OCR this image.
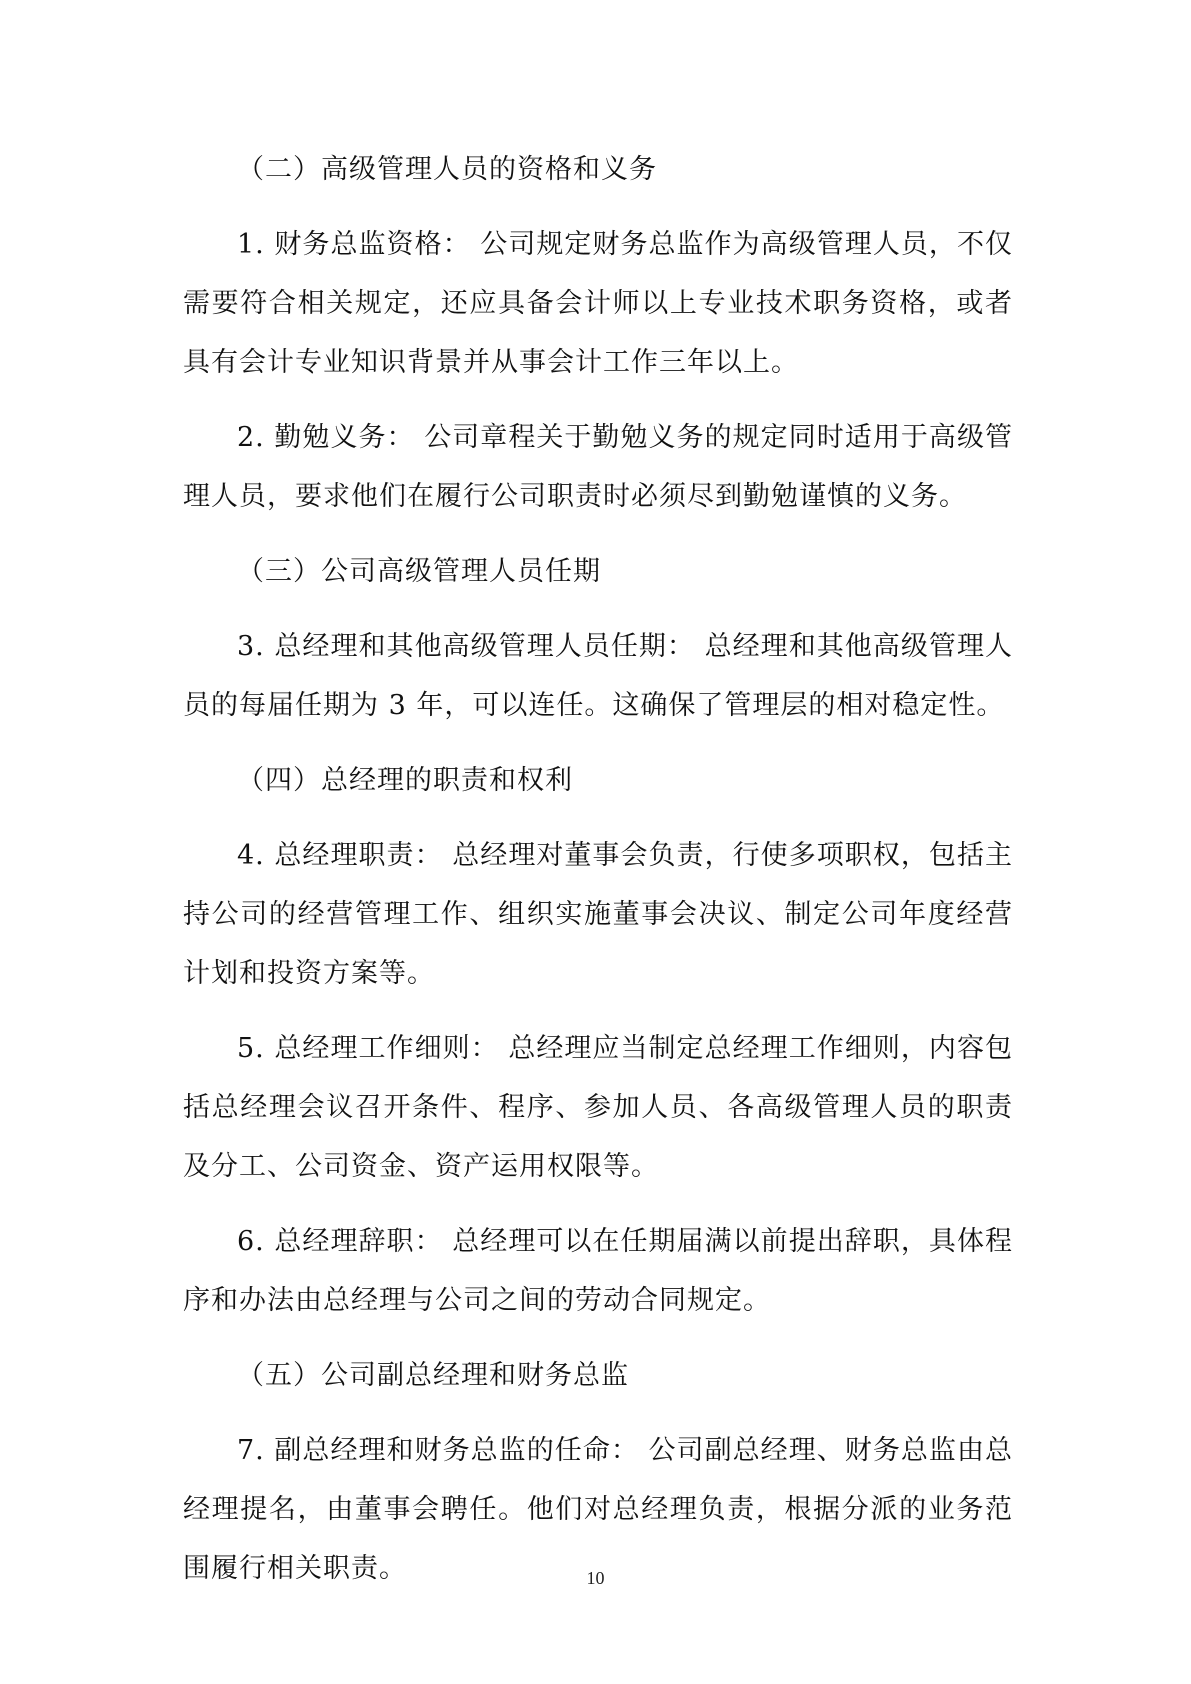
（二）高级管理人员的资格和义务

1. 财务总监资格： 公司规定财务总监作为高级管理人员，不仅需要符合相关规定，还应具备会计师以上专业技术职务资格，或者具有会计专业知识背景并从事会计工作三年以上。

2. 勤勉义务： 公司章程关于勤勉义务的规定同时适用于高级管理人员，要求他们在履行公司职责时必须尽到勤勉谨慎的义务。

（三）公司高级管理人员任期

3. 总经理和其他高级管理人员任期： 总经理和其他高级管理人员的每届任期为 3 年，可以连任。这确保了管理层的相对稳定性。

（四）总经理的职责和权利

4. 总经理职责： 总经理对董事会负责，行使多项职权，包括主持公司的经营管理工作、组织实施董事会决议、制定公司年度经营计划和投资方案等。

5. 总经理工作细则： 总经理应当制定总经理工作细则，内容包括总经理会议召开条件、程序、参加人员、各高级管理人员的职责及分工、公司资金、资产运用权限等。

6. 总经理辞职： 总经理可以在任期届满以前提出辞职，具体程序和办法由总经理与公司之间的劳动合同规定。

（五）公司副总经理和财务总监

7. 副总经理和财务总监的任命： 公司副总经理、财务总监由总经理提名，由董事会聘任。他们对总经理负责，根据分派的业务范围履行相关职责。	10
